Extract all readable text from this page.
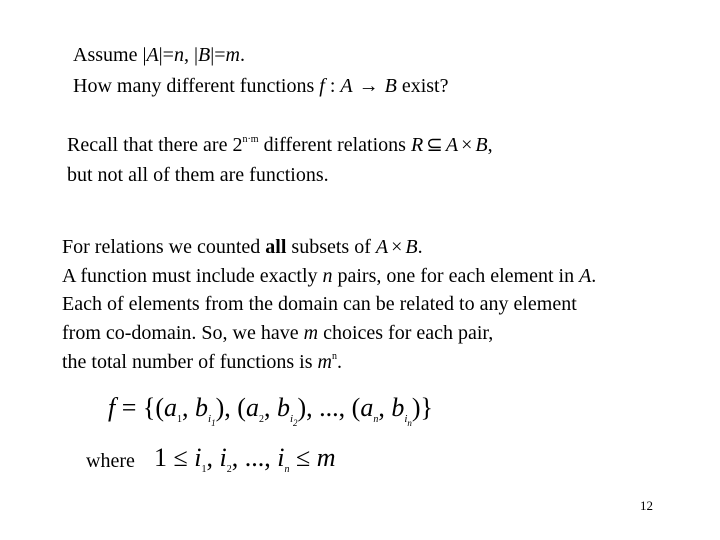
Assume |A|=n, |B|=m.
How many different functions f : A → B exist?
Recall that there are $2^{n\cdot m}$ different relations R ⊆ A × B,
but not all of them are functions.
For relations we counted all subsets of A × B.
A function must include exactly n pairs, one for each element in A.
Each of elements from the domain can be related to any element
from co-domain. So, we have m choices for each pair,
the total number of functions is $m^n$.
$f = \{(a_1$, $b_{i_1}$), ($a_2$, $b_{i_2}$), ..., ($a_n$, $b_{i_n}$)}
where $1 \le i_1$, $i_2$, ..., $i_n \le m$
12
